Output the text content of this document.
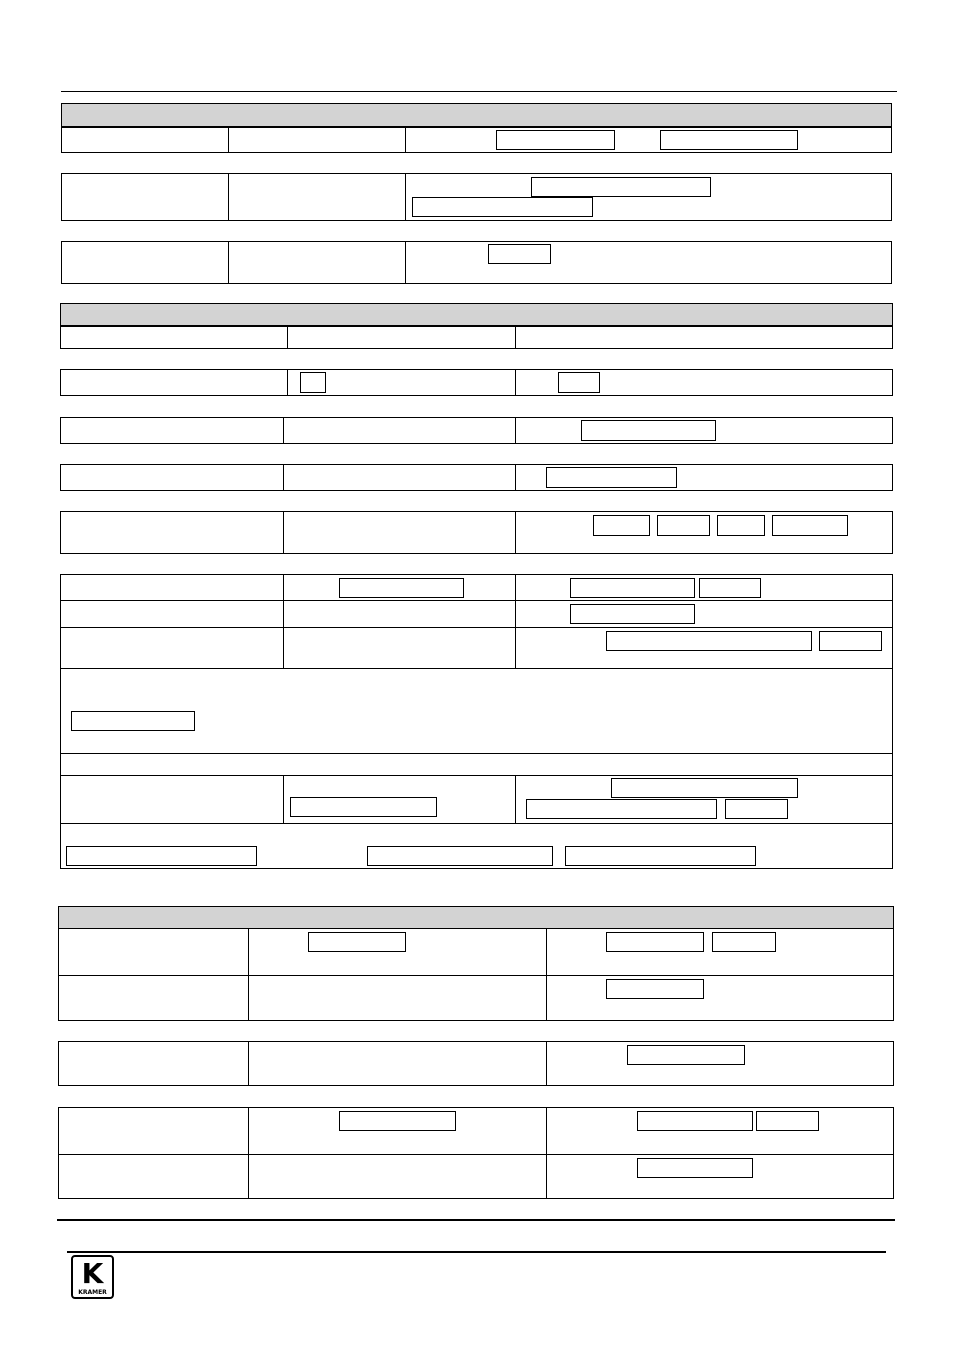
K
KRAMER
